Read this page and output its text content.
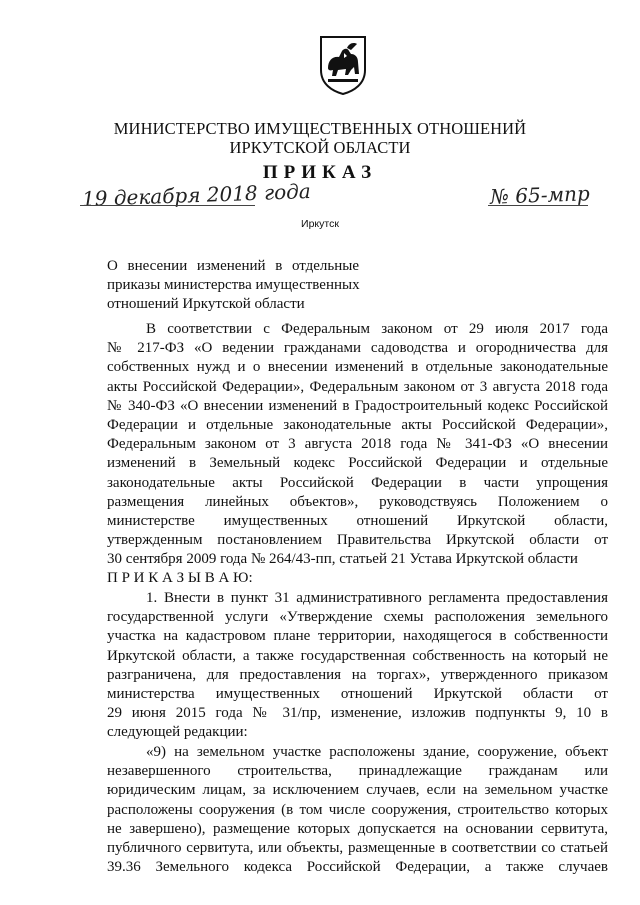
МИНИСТЕРСТВО ИМУЩЕСТВЕННЫХ ОТНОШЕНИЙ
ИРКУТСКОЙ ОБЛАСТИ
ПРИКАЗ
19 декабря 2018 года	№ 65-мпр
Иркутск
О внесении изменений в отдельные
приказы министерства имущественных
отношений Иркутской области
В соответствии с Федеральным законом от 29 июля 2017 года
№ 217-ФЗ «О ведении гражданами садоводства и огородничества для
собственных нужд и о внесении изменений в отдельные законодательные
акты Российской Федерации», Федеральным законом от 3 августа 2018 года
№ 340-ФЗ «О внесении изменений в Градостроительный кодекс Российской
Федерации и отдельные законодательные акты Российской Федерации»,
Федеральным законом от 3 августа 2018 года № 341-ФЗ «О внесении
изменений в Земельный кодекс Российской Федерации и отдельные
законодательные акты Российской Федерации в части упрощения
размещения линейных объектов», руководствуясь Положением о
министерстве имущественных отношений Иркутской области,
утвержденным постановлением Правительства Иркутской области от
30 сентября 2009 года № 264/43-пп, статьей 21 Устава Иркутской области
П Р И К А З Ы В А Ю:
1. Внести в пункт 31 административного регламента предоставления
государственной услуги «Утверждение схемы расположения земельного
участка на кадастровом плане территории, находящегося в собственности
Иркутской области, а также государственная собственность на который не
разграничена, для предоставления на торгах», утвержденного приказом
министерства имущественных отношений Иркутской области от
29 июня 2015 года № 31/пр, изменение, изложив подпункты 9, 10 в
следующей редакции:
«9) на земельном участке расположены здание, сооружение, объект
незавершенного строительства, принадлежащие гражданам или
юридическим лицам, за исключением случаев, если на земельном участке
расположены сооружения (в том числе сооружения, строительство которых
не завершено), размещение которых допускается на основании сервитута,
публичного сервитута, или объекты, размещенные в соответствии со статьей
39.36 Земельного кодекса Российской Федерации, а также случаев
